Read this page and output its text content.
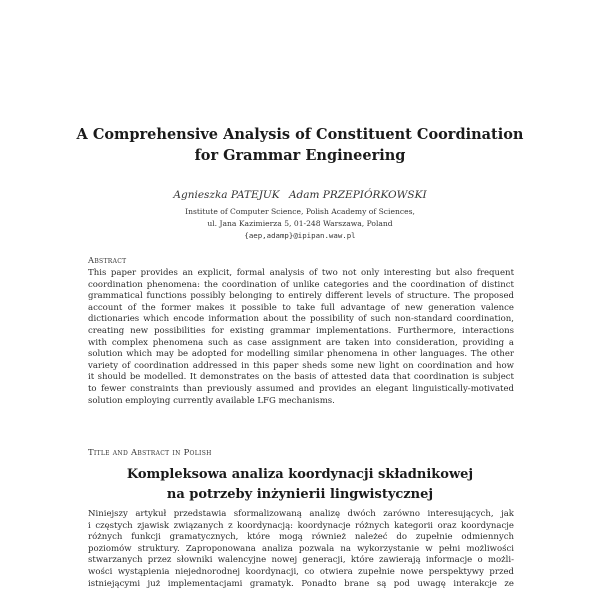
A Comprehensive Analysis of Constituent Coordination
for Grammar Engineering
Agnieszka PATEJUK Adam PRZEPIÓRKOWSKI
Institute of Computer Science, Polish Academy of Sciences,
ul. Jana Kazimierza 5, 01-248 Warszawa, Poland
{aep,adamp}@ipipan.waw.pl
Abstract
This paper provides an explicit, formal analysis of two not only interesting but also frequent
coordination phenomena: the coordination of unlike categories and the coordination of distinct
grammatical functions possibly belonging to entirely different levels of structure. The proposed
account of the former makes it possible to take full advantage of new generation valence
dictionaries which encode information about the possibility of such non-standard coordination,
creating new possibilities for existing grammar implementations. Furthermore, interactions
with complex phenomena such as case assignment are taken into consideration, providing a
solution which may be adopted for modelling similar phenomena in other languages. The other
variety of coordination addressed in this paper sheds some new light on coordination and how
it should be modelled. It demonstrates on the basis of attested data that coordination is subject
to fewer constraints than previously assumed and provides an elegant linguistically-motivated
solution employing currently available LFG mechanisms.
Title and Abstract in Polish
Kompleksowa analiza koordynacji składnikowej
na potrzeby inżynierii lingwistycznej
Niniejszy artykuł przedstawia sformalizowaną analizę dwóch zarówno interesujących, jak
i częstych zjawisk związanych z koordynacją: koordynacje różnych kategorii oraz koordynacje
różnych funkcji gramatycznych, które mogą również należeć do zupełnie odmiennych
poziomów struktury. Zaproponowana analiza pozwala na wykorzystanie w pełni możliwości
stwarzanych przez słowniki walencyjne nowej generacji, które zawierają informacje o możli-
wości wystąpienia niejednorodnej koordynacji, co otwiera zupełnie nowe perspektywy przed
istniejącymi już implementacjami gramatyk. Ponadto brane są pod uwagę interakcje ze
